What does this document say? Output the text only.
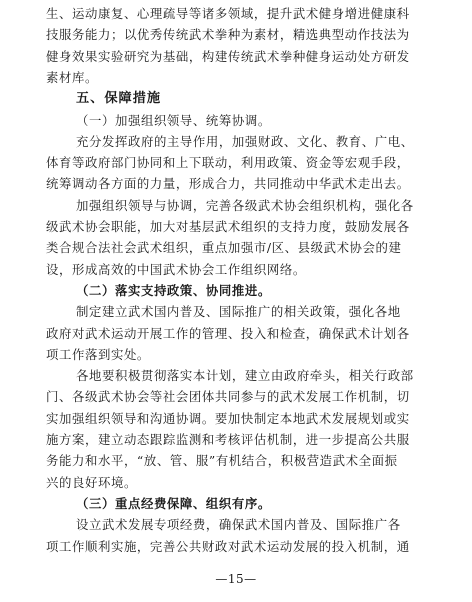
—15—
生、运动康复、心理疏导等诸多领域，提升武术健身增进健康科
技服务能力；以优秀传统武术拳种为素材，精选典型动作技法为
健身效果实验研究为基础，构建传统武术拳种健身运动处方研发
素材库。
五、保障措施
（一）加强组织领导、统筹协调。
充分发挥政府的主导作用，加强财政、文化、教育、广电、
体育等政府部门协同和上下联动，利用政策、资金等宏观手段，
统筹调动各方面的力量，形成合力，共同推动中华武术走出去。
加强组织领导与协调，完善各级武术协会组织机构，强化各
级武术协会职能，加大对基层武术组织的支持力度，鼓励发展各
类合规合法社会武术组织，重点加强市/区、县级武术协会的建
设，形成高效的中国武术协会工作组织网络。
（二）落实支持政策、协同推进。
制定建立武术国内普及、国际推广的相关政策，强化各地
政府对武术运动开展工作的管理、投入和检查，确保武术计划各
项工作落到实处。
各地要积极贯彻落实本计划，建立由政府牵头，相关行政部
门、各级武术协会等社会团体共同参与的武术发展工作机制，切
实加强组织领导和沟通协调。要加快制定本地武术发展规划或实
施方案，建立动态跟踪监测和考核评估机制，进一步提高公共服
务能力和水平，“放、管、服”有机结合，积极营造武术全面振
兴的良好环境。
（三）重点经费保障、组织有序。
设立武术发展专项经费，确保武术国内普及、国际推广各
项工作顺利实施，完善公共财政对武术运动发展的投入机制，通
